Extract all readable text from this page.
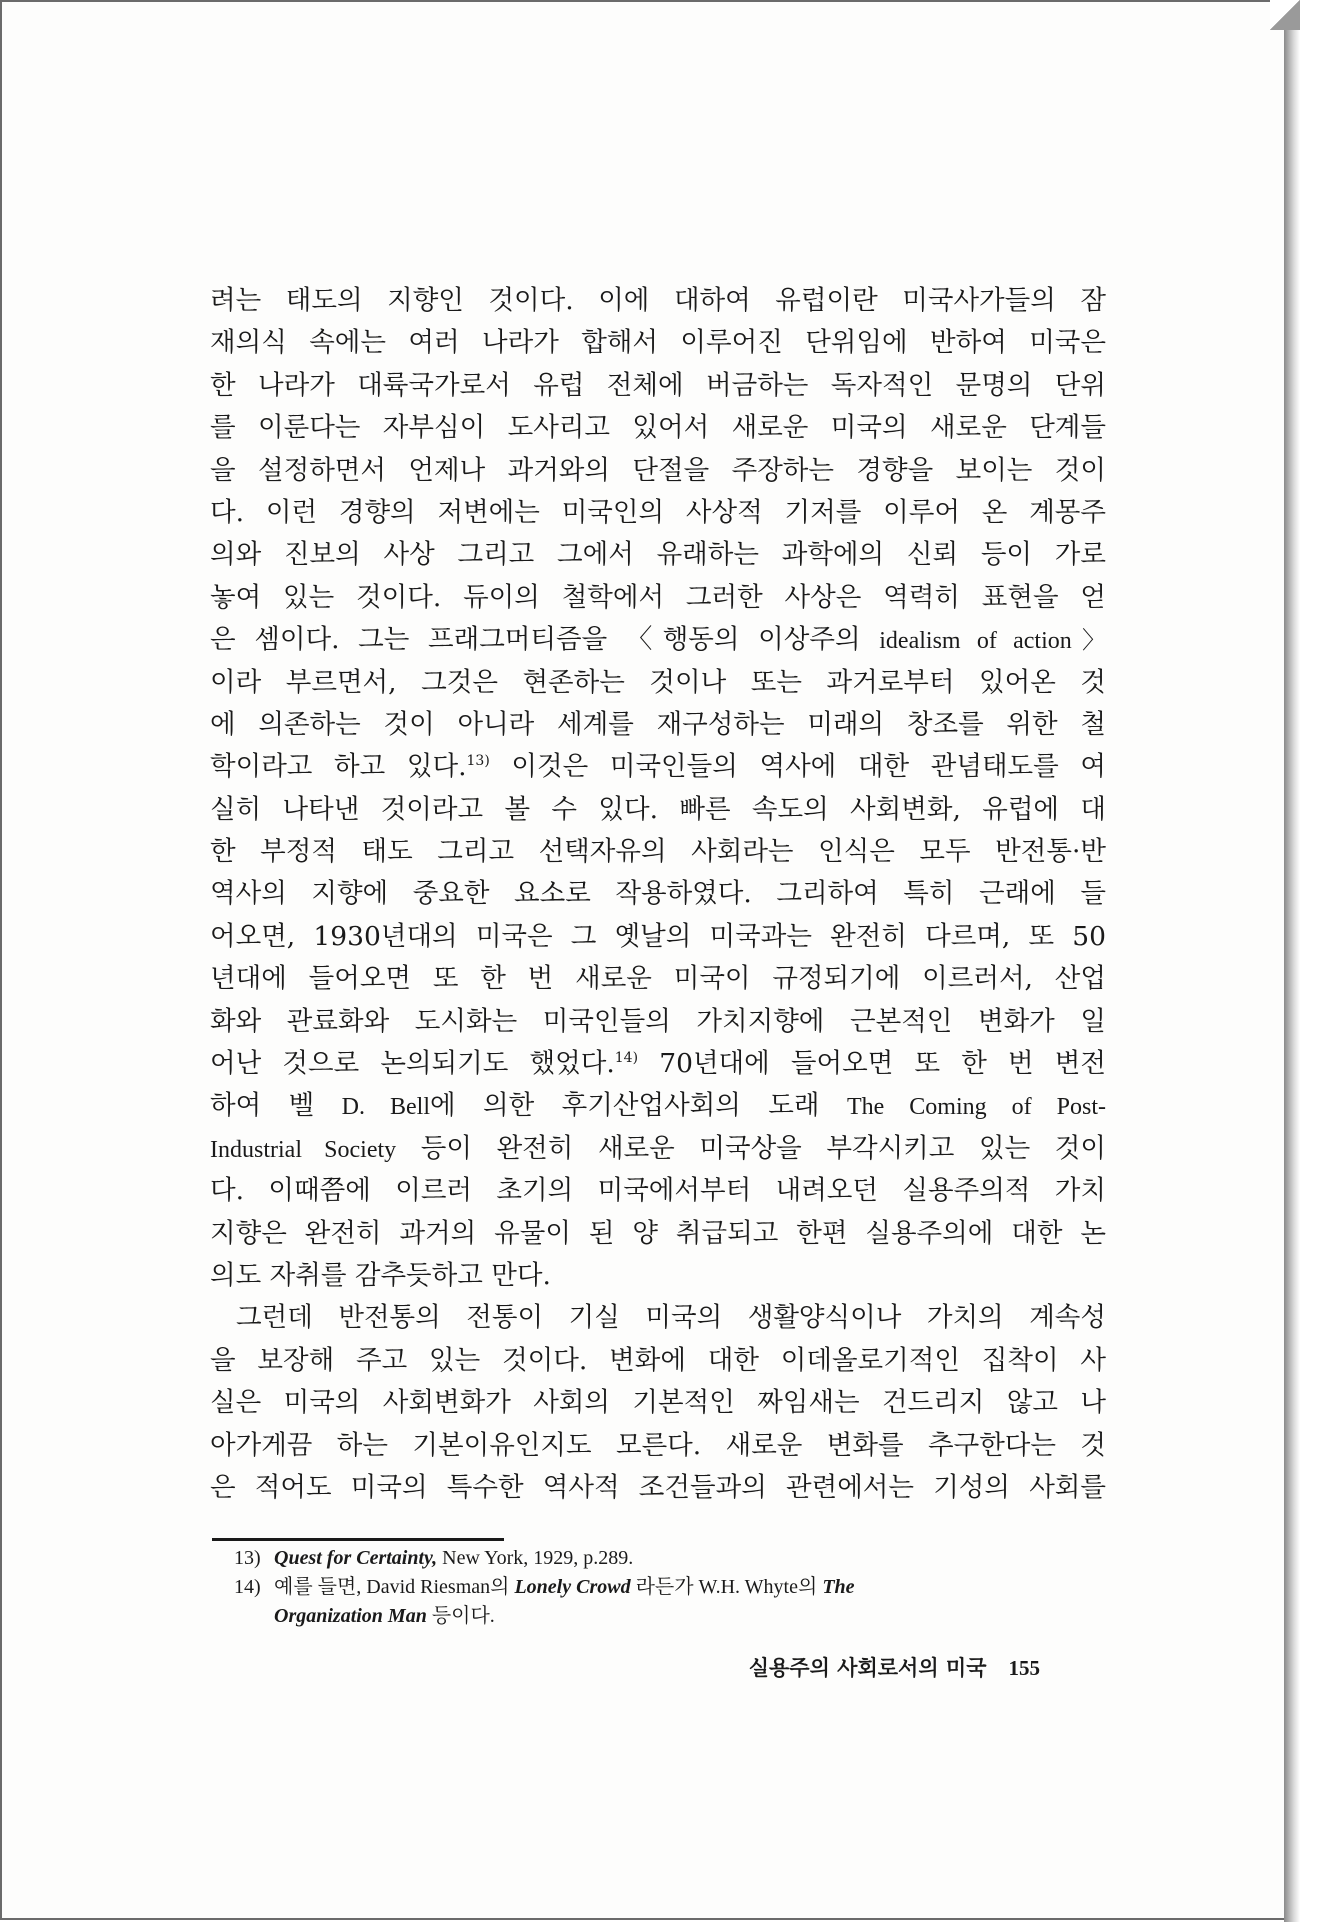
려는 태도의 지향인 것이다. 이에 대하여 유럽이란 미국사가들의 잠
재의식 속에는 여러 나라가 합해서 이루어진 단위임에 반하여 미국은
한 나라가 대륙국가로서 유럽 전체에 버금하는 독자적인 문명의 단위
를 이룬다는 자부심이 도사리고 있어서 새로운 미국의 새로운 단계들
을 설정하면서 언제나 과거와의 단절을 주장하는 경향을 보이는 것이
다. 이런 경향의 저변에는 미국인의 사상적 기저를 이루어 온 계몽주
의와 진보의 사상 그리고 그에서 유래하는 과학에의 신뢰 등이 가로
놓여 있는 것이다. 듀이의 철학에서 그러한 사상은 역력히 표현을 얻
은 셈이다. 그는 프래그머티즘을 〈행동의 이상주의 idealism of action〉
이라 부르면서, 그것은 현존하는 것이나 또는 과거로부터 있어온 것
에 의존하는 것이 아니라 세계를 재구성하는 미래의 창조를 위한 철
학이라고 하고 있다.$^{13)}$ 이것은 미국인들의 역사에 대한 관념태도를 여
실히 나타낸 것이라고 볼 수 있다. 빠른 속도의 사회변화, 유럽에 대
한 부정적 태도 그리고 선택자유의 사회라는 인식은 모두 반전통·반
역사의 지향에 중요한 요소로 작용하였다. 그리하여 특히 근래에 들
어오면, 1930년대의 미국은 그 옛날의 미국과는 완전히 다르며, 또 50
년대에 들어오면 또 한 번 새로운 미국이 규정되기에 이르러서, 산업
화와 관료화와 도시화는 미국인들의 가치지향에 근본적인 변화가 일
어난 것으로 논의되기도 했었다.$^{14)}$ 70년대에 들어오면 또 한 번 변전
하여 벨 D. Bell에 의한 후기산업사회의 도래 The Coming of Post-
Industrial Society 등이 완전히 새로운 미국상을 부각시키고 있는 것이
다. 이때쯤에 이르러 초기의 미국에서부터 내려오던 실용주의적 가치
지향은 완전히 과거의 유물이 된 양 취급되고 한편 실용주의에 대한 논
의도 자취를 감추듯하고 만다.
그런데 반전통의 전통이 기실 미국의 생활양식이나 가치의 계속성
을 보장해 주고 있는 것이다. 변화에 대한 이데올로기적인 집착이 사
실은 미국의 사회변화가 사회의 기본적인 짜임새는 건드리지 않고 나
아가게끔 하는 기본이유인지도 모른다. 새로운 변화를 추구한다는 것
은 적어도 미국의 특수한 역사적 조건들과의 관련에서는 기성의 사회를
13) Quest for Certainty, New York, 1929, p.289.
14) 예를 들면, David Riesman의 Lonely Crowd 라든가 W.H. Whyte의 The
Organization Man 등이다.
실용주의 사회로서의 미국 155
